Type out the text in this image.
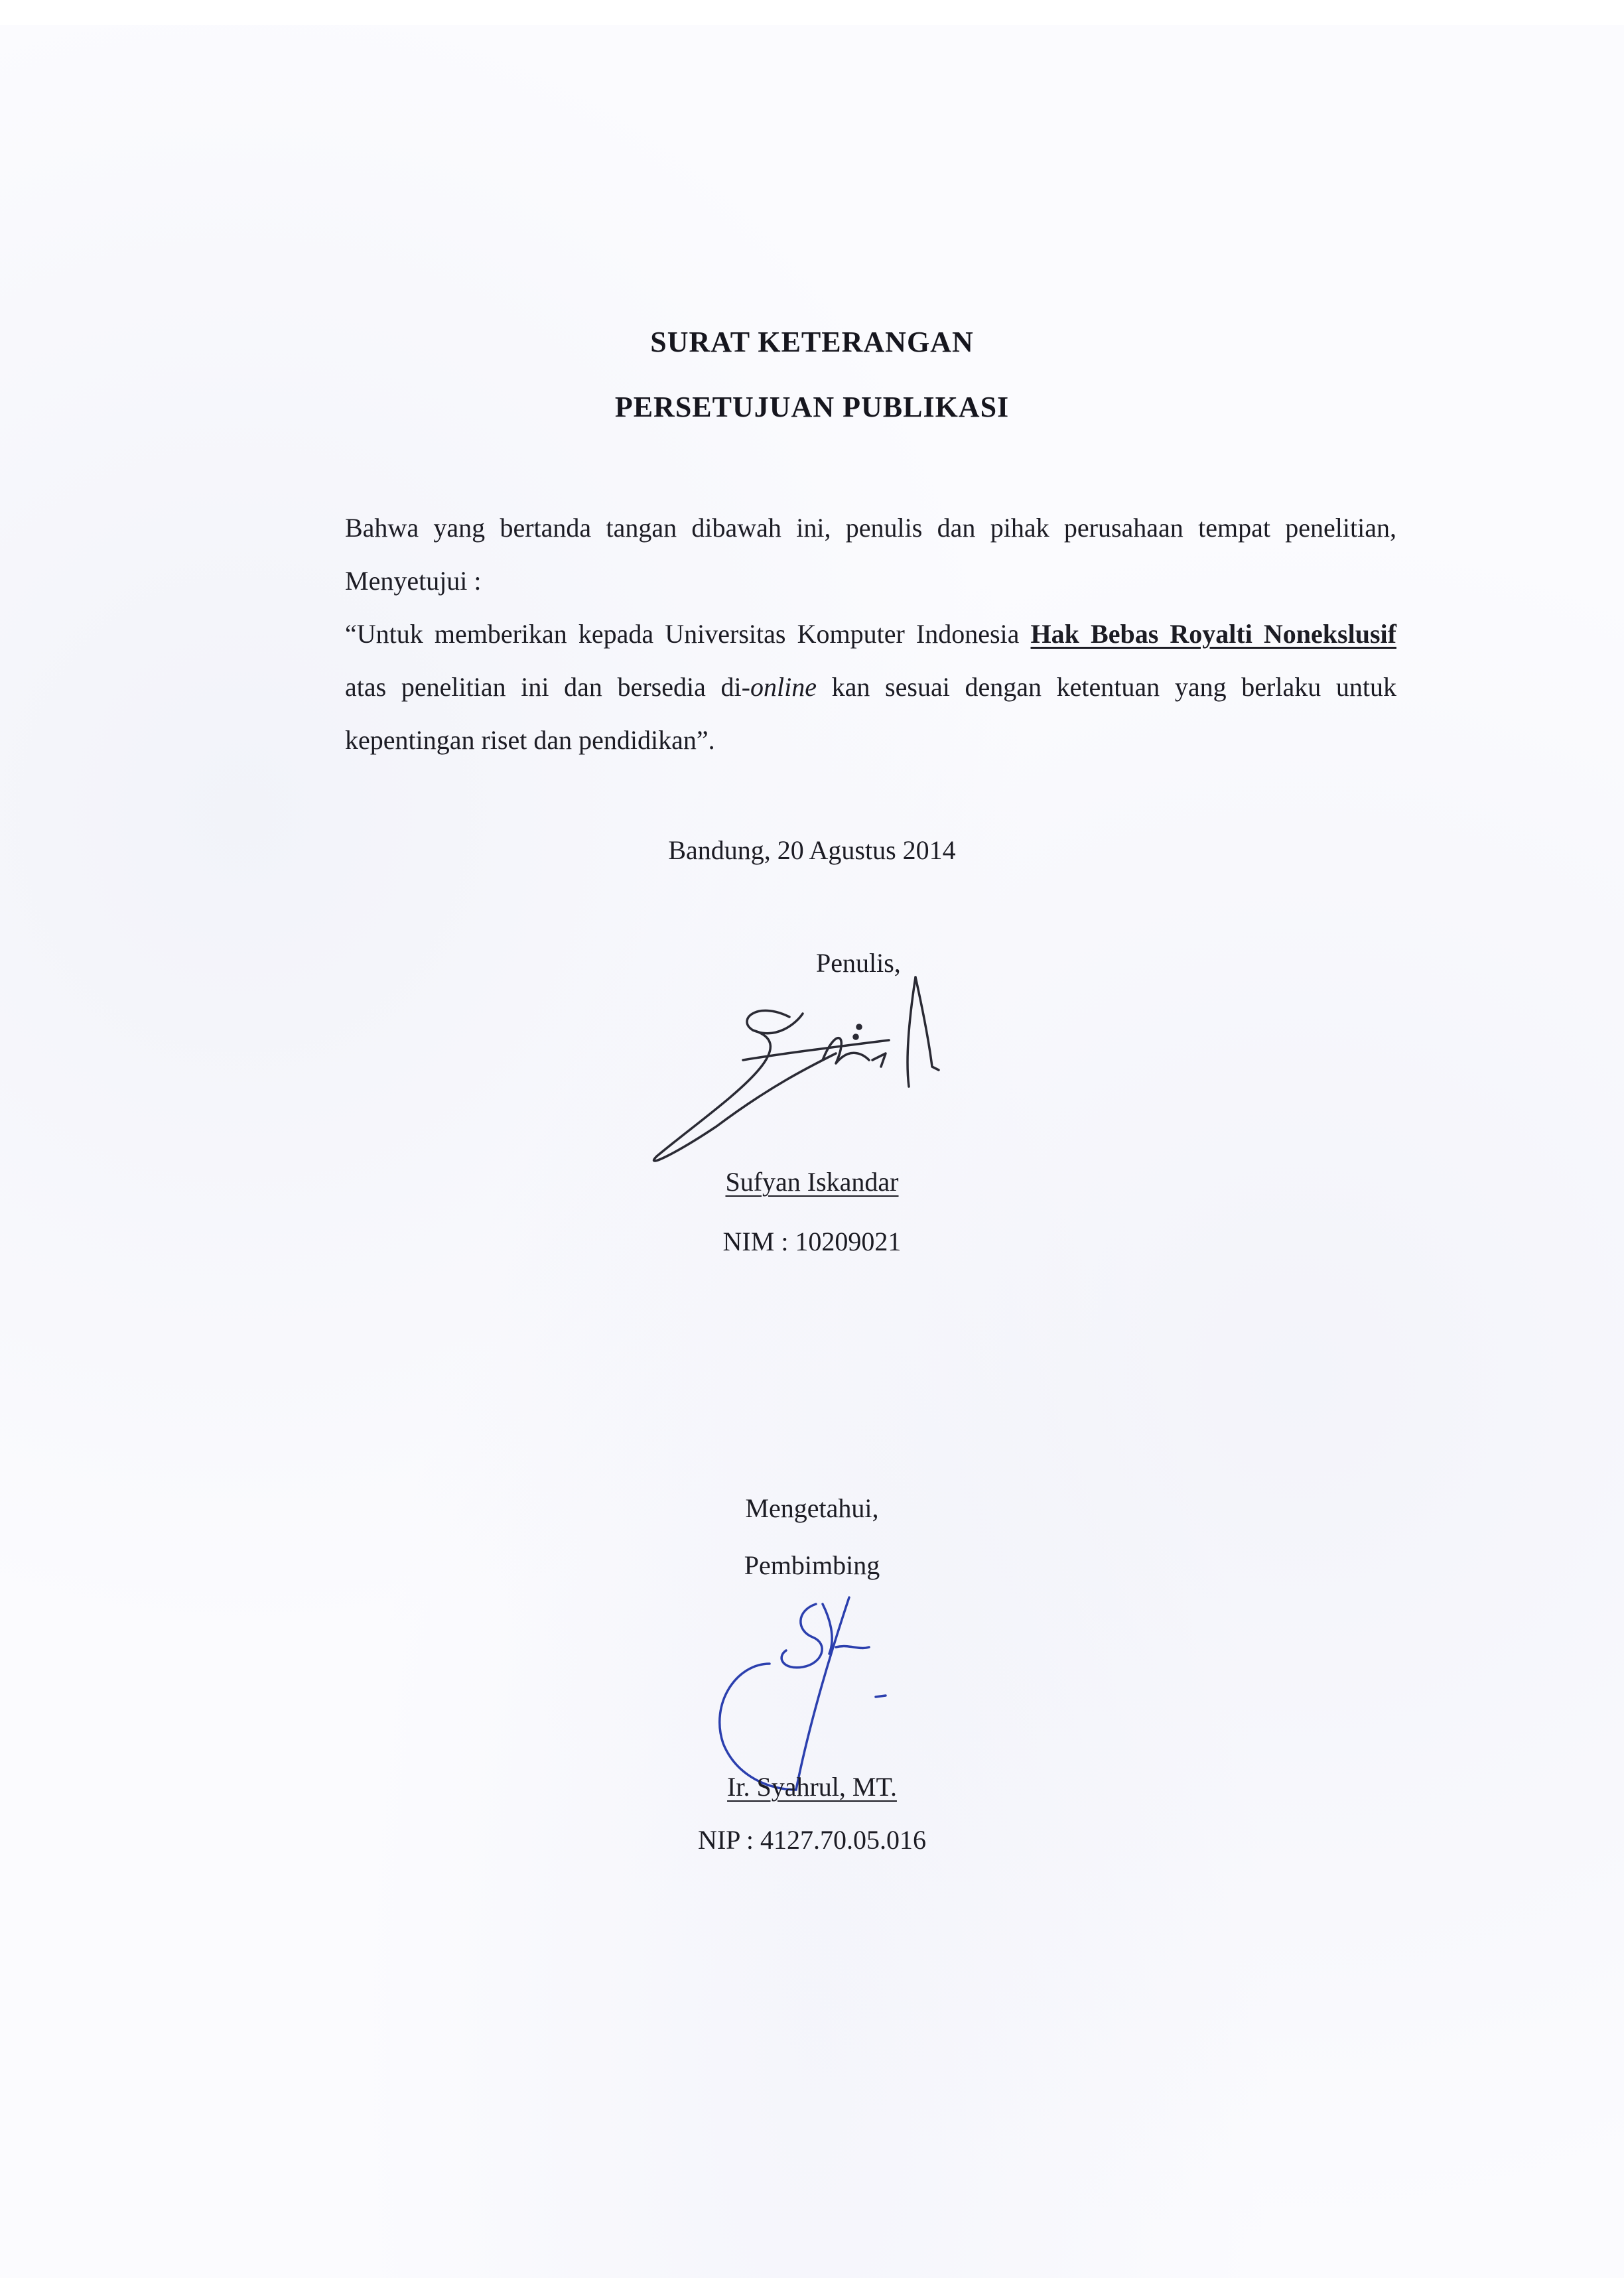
SURAT KETERANGAN
PERSETUJUAN PUBLIKASI
Bahwa yang bertanda tangan dibawah ini, penulis dan pihak perusahaan tempat penelitian, Menyetujui :
“Untuk memberikan kepada Universitas Komputer Indonesia Hak Bebas Royalti Nonekslusif atas penelitian ini dan bersedia di-online kan sesuai dengan ketentuan yang berlaku untuk kepentingan riset dan pendidikan”.
Bandung, 20 Agustus 2014
Penulis,
Sufyan Iskandar
NIM : 10209021
Mengetahui,
Pembimbing
Ir. Syahrul, MT.
NIP : 4127.70.05.016
